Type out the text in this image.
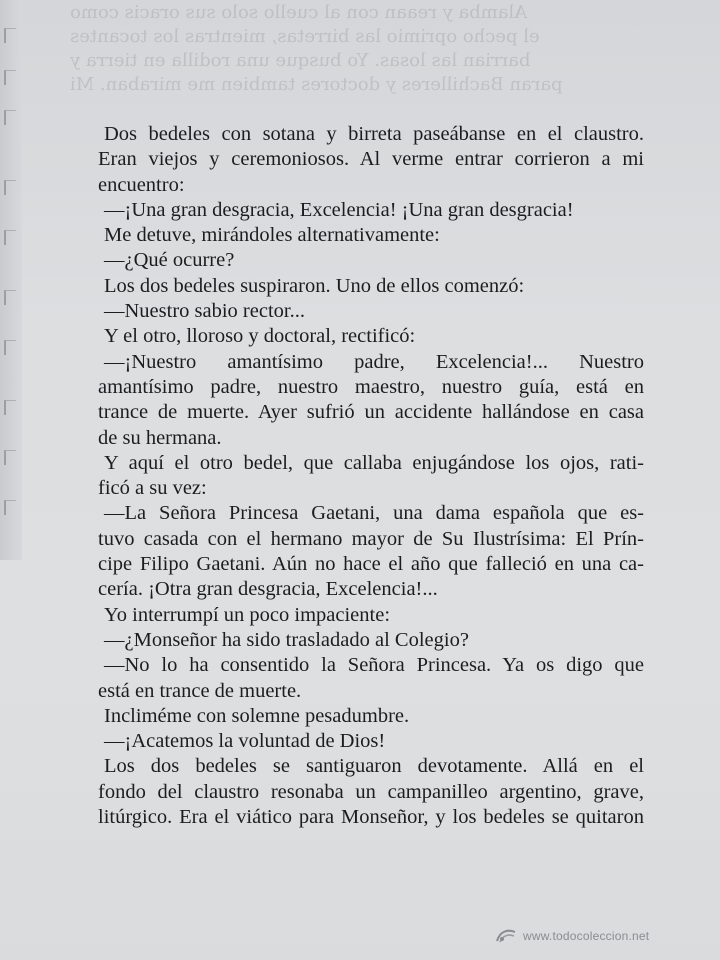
Alamba y reaan con al cuello solo sus oracis como
el pecho oprimio las birretas, mientras los tocantes
barrian las losas. Yo busque una rodilla en tierra y
paran Bachilleres y doctores tambien me miraban. Mi
Dos bedeles con sotana y birreta paseábanse en el claustro.
Eran viejos y ceremoniosos. Al verme entrar corrieron a mi
encuentro:
—¡Una gran desgracia, Excelencia! ¡Una gran desgracia!
Me detuve, mirándoles alternativamente:
—¿Qué ocurre?
Los dos bedeles suspiraron. Uno de ellos comenzó:
—Nuestro sabio rector...
Y el otro, lloroso y doctoral, rectificó:
—¡Nuestro amantísimo padre, Excelencia!... Nuestro
amantísimo padre, nuestro maestro, nuestro guía, está en
trance de muerte. Ayer sufrió un accidente hallándose en casa
de su hermana.
Y aquí el otro bedel, que callaba enjugándose los ojos, rati-
ficó a su vez:
—La Señora Princesa Gaetani, una dama española que es-
tuvo casada con el hermano mayor de Su Ilustrísima: El Prín-
cipe Filipo Gaetani. Aún no hace el año que falleció en una ca-
cería. ¡Otra gran desgracia, Excelencia!...
Yo interrumpí un poco impaciente:
—¿Monseñor ha sido trasladado al Colegio?
—No lo ha consentido la Señora Princesa. Ya os digo que
está en trance de muerte.
Incliméme con solemne pesadumbre.
—¡Acatemos la voluntad de Dios!
Los dos bedeles se santiguaron devotamente. Allá en el
fondo del claustro resonaba un campanilleo argentino, grave,
litúrgico. Era el viático para Monseñor, y los bedeles se quitaron
www.todocoleccion.net
